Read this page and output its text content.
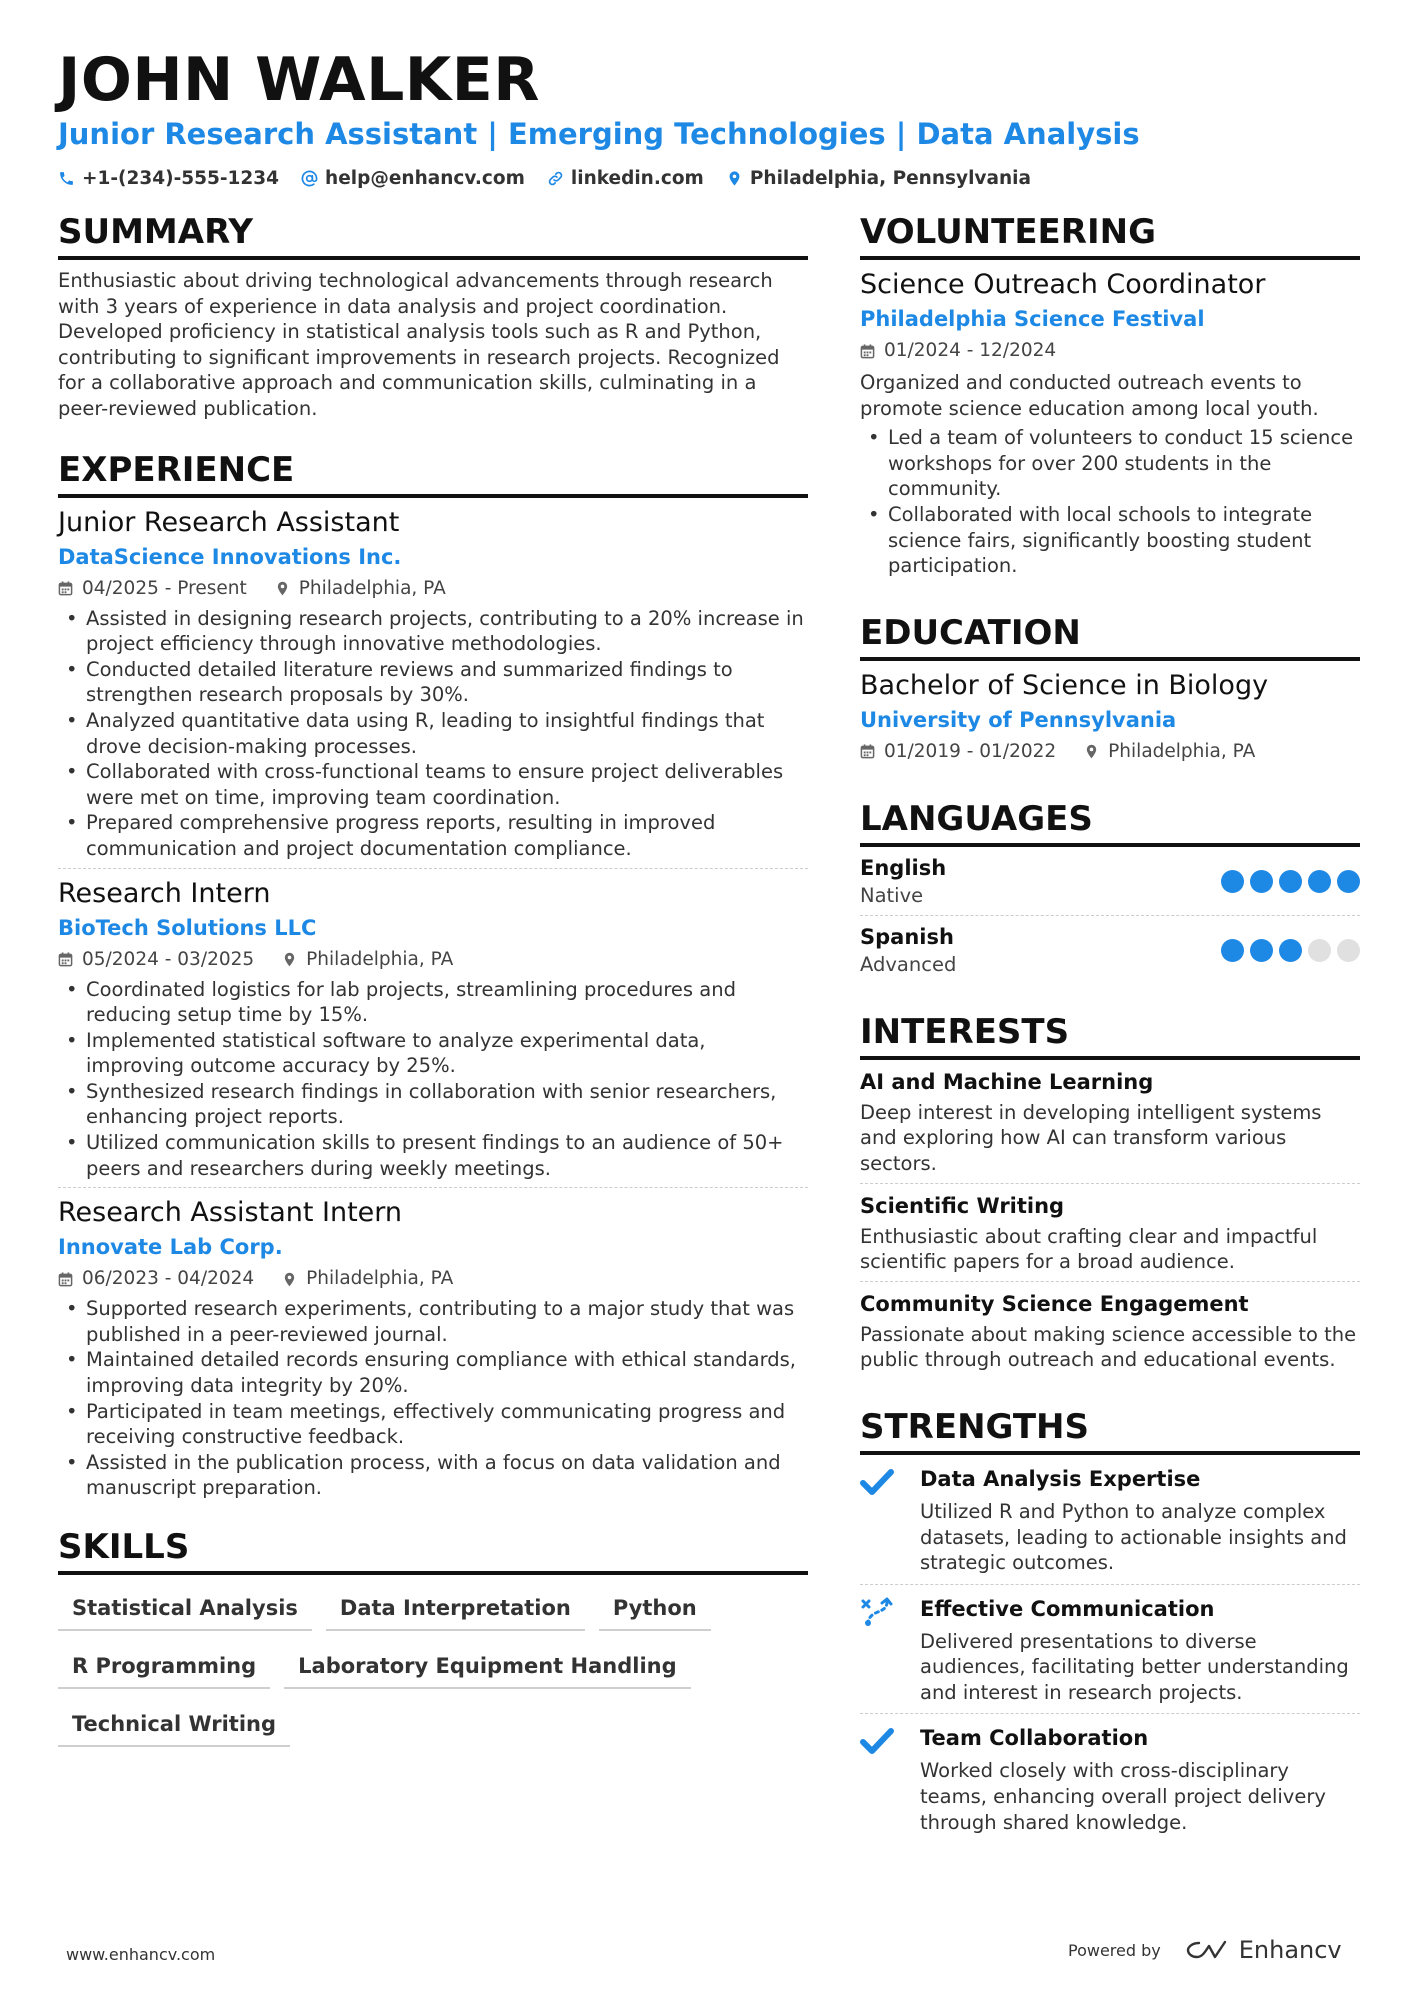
JOHN WALKER
Junior Research Assistant | Emerging Technologies | Data Analysis
+1-(234)-555-1234 help@enhancv.com linkedin.com Philadelphia, Pennsylvania
SUMMARY
Enthusiastic about driving technological advancements through research with 3 years of experience in data analysis and project coordination. Developed proficiency in statistical analysis tools such as R and Python, contributing to significant improvements in research projects. Recognized for a collaborative approach and communication skills, culminating in a peer-reviewed publication.
EXPERIENCE
Junior Research Assistant
DataScience Innovations Inc.
04/2025 - Present	Philadelphia, PA
• Assisted in designing research projects, contributing to a 20% increase in project efficiency through innovative methodologies.
• Conducted detailed literature reviews and summarized findings to strengthen research proposals by 30%.
• Analyzed quantitative data using R, leading to insightful findings that drove decision-making processes.
• Collaborated with cross-functional teams to ensure project deliverables were met on time, improving team coordination.
• Prepared comprehensive progress reports, resulting in improved communication and project documentation compliance.
Research Intern
BioTech Solutions LLC
05/2024 - 03/2025	Philadelphia, PA
• Coordinated logistics for lab projects, streamlining procedures and reducing setup time by 15%.
• Implemented statistical software to analyze experimental data, improving outcome accuracy by 25%.
• Synthesized research findings in collaboration with senior researchers, enhancing project reports.
• Utilized communication skills to present findings to an audience of 50+ peers and researchers during weekly meetings.
Research Assistant Intern
Innovate Lab Corp.
06/2023 - 04/2024	Philadelphia, PA
• Supported research experiments, contributing to a major study that was published in a peer-reviewed journal.
• Maintained detailed records ensuring compliance with ethical standards, improving data integrity by 20%.
• Participated in team meetings, effectively communicating progress and receiving constructive feedback.
• Assisted in the publication process, with a focus on data validation and manuscript preparation.
SKILLS
Statistical Analysis	Data Interpretation	Python
R Programming	Laboratory Equipment Handling
Technical Writing
VOLUNTEERING
Science Outreach Coordinator
Philadelphia Science Festival
01/2024 - 12/2024
Organized and conducted outreach events to promote science education among local youth.
• Led a team of volunteers to conduct 15 science workshops for over 200 students in the community.
• Collaborated with local schools to integrate science fairs, significantly boosting student participation.
EDUCATION
Bachelor of Science in Biology
University of Pennsylvania
01/2019 - 01/2022	Philadelphia, PA
LANGUAGES
English
Native
Spanish
Advanced
INTERESTS
AI and Machine Learning
Deep interest in developing intelligent systems and exploring how AI can transform various sectors.
Scientific Writing
Enthusiastic about crafting clear and impactful scientific papers for a broad audience.
Community Science Engagement
Passionate about making science accessible to the public through outreach and educational events.
STRENGTHS
Data Analysis Expertise
Utilized R and Python to analyze complex datasets, leading to actionable insights and strategic outcomes.
Effective Communication
Delivered presentations to diverse audiences, facilitating better understanding and interest in research projects.
Team Collaboration
Worked closely with cross-disciplinary teams, enhancing overall project delivery through shared knowledge.
www.enhancv.com	Powered by	Enhancv
